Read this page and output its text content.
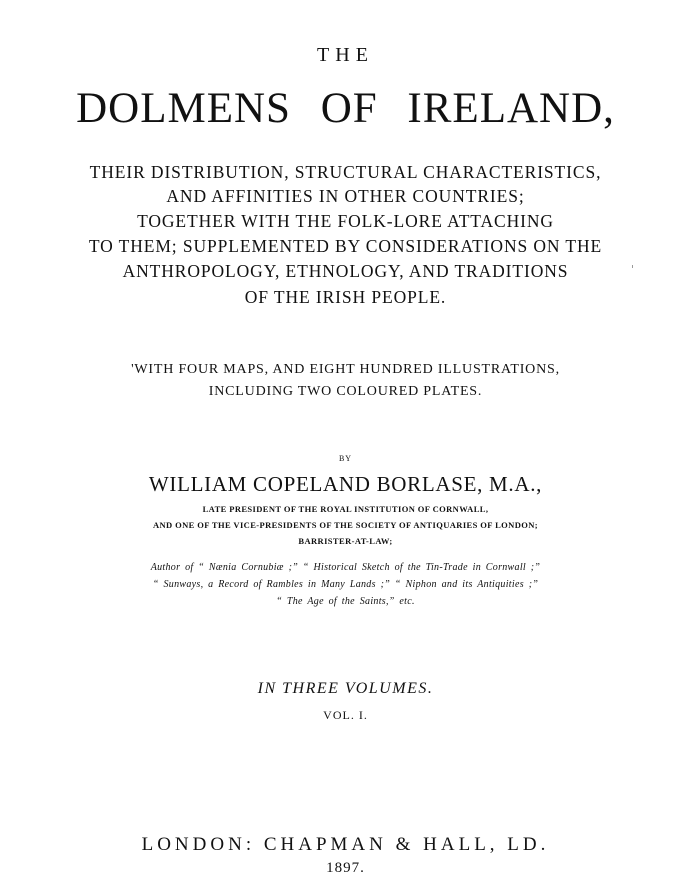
THE

DOLMENS OF IRELAND,

THEIR DISTRIBUTION, STRUCTURAL CHARACTERISTICS,

AND AFFINITIES IN OTHER COUNTRIES;

TOGETHER WITH THE FOLK-LORE ATTACHING

TO THEM; SUPPLEMENTED BY CONSIDERATIONS ON THE

ANTHROPOLOGY, ETHNOLOGY, AND TRADITIONS

OF THE IRISH PEOPLE.

'WITH FOUR MAPS, AND EIGHT HUNDRED ILLUSTRATIONS,

INCLUDING TWO COLOURED PLATES.

BY

WILLIAM COPELAND BORLASE, M.A.,

LATE PRESIDENT OF THE ROYAL INSTITUTION OF CORNWALL,

AND ONE OF THE VICE-PRESIDENTS OF THE SOCIETY OF ANTIQUARIES OF LONDON;

BARRISTER-AT-LAW;

Author of “ Nænia Cornubiæ ;” “ Historical Sketch of the Tin-Trade in Cornwall ;”

“ Sunways, a Record of Rambles in Many Lands ;” “ Niphon and its Antiquities ;”

“ The Age of the Saints,” etc.

IN THREE VOLUMES.

VOL. I.

LONDON: CHAPMAN & HALL, LD.

1897.
